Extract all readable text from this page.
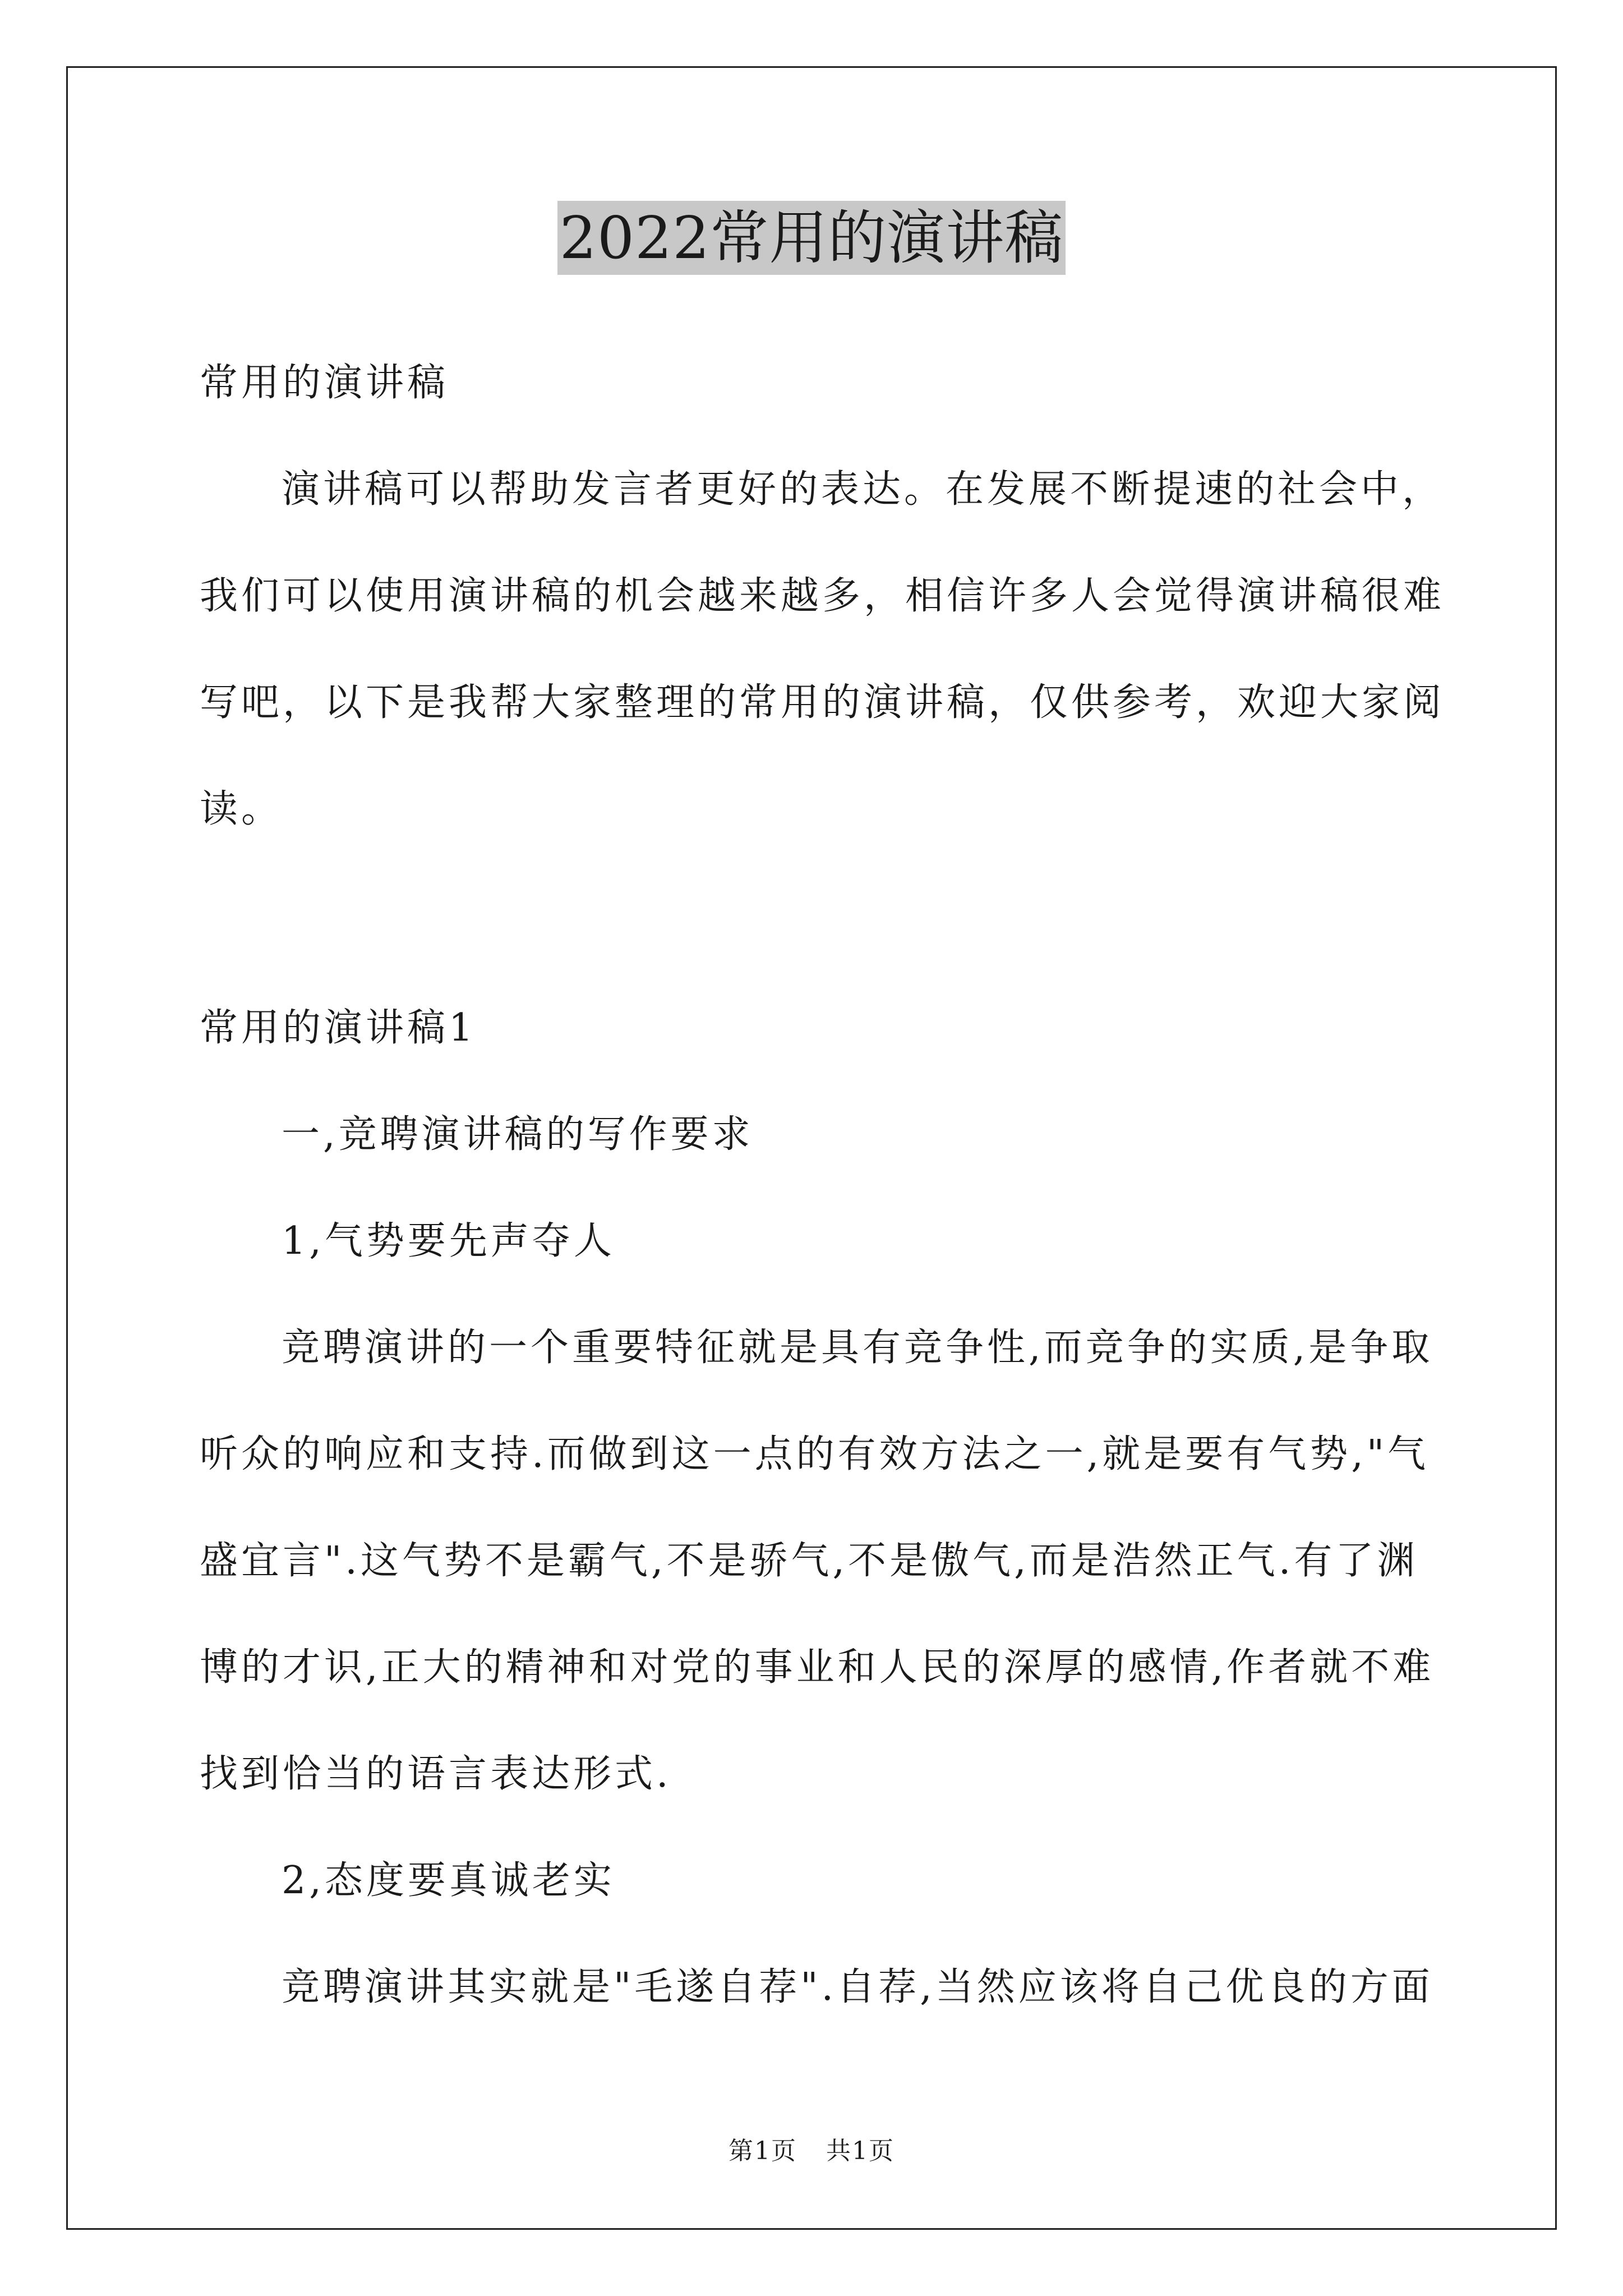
2022常用的演讲稿
常用的演讲稿
演讲稿可以帮助发言者更好的表达。在发展不断提速的社会中，
我们可以使用演讲稿的机会越来越多，相信许多人会觉得演讲稿很难
写吧，以下是我帮大家整理的常用的演讲稿，仅供参考，欢迎大家阅
读。
常用的演讲稿1
一,竞聘演讲稿的写作要求
1,气势要先声夺人
竞聘演讲的一个重要特征就是具有竞争性,而竞争的实质,是争取
听众的响应和支持.而做到这一点的有效方法之一,就是要有气势,"气
盛宜言".这气势不是霸气,不是骄气,不是傲气,而是浩然正气.有了渊
博的才识,正大的精神和对党的事业和人民的深厚的感情,作者就不难
找到恰当的语言表达形式.
2,态度要真诚老实
竞聘演讲其实就是"毛遂自荐".自荐,当然应该将自己优良的方面
第1页 共1页
